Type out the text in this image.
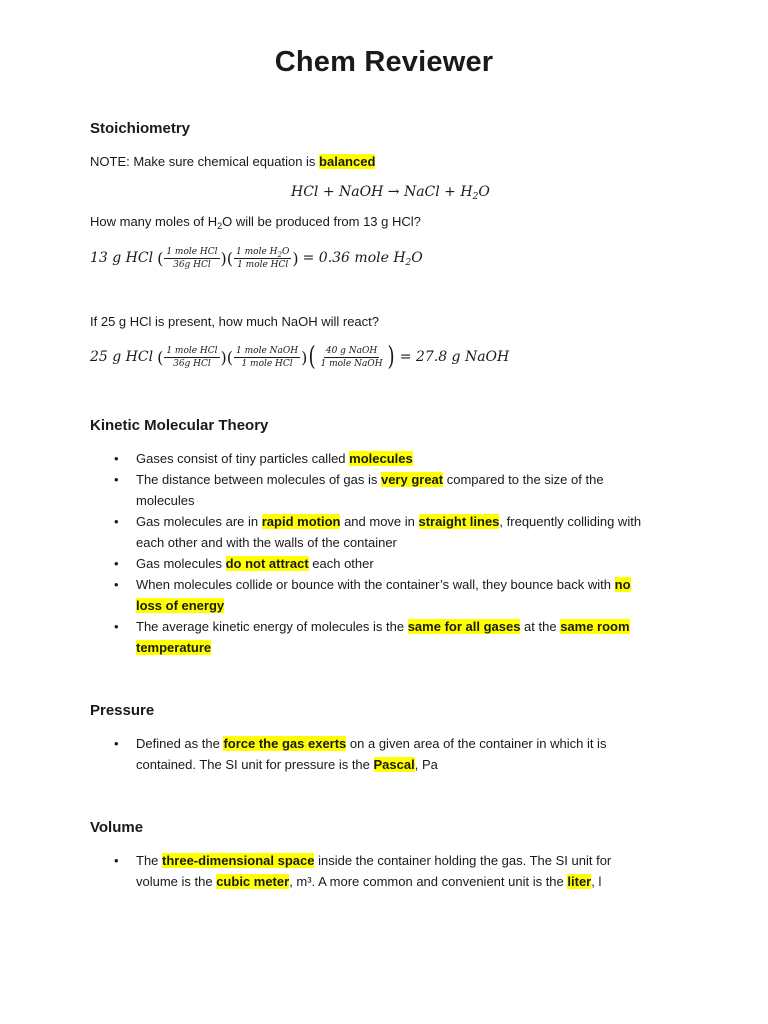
Chem Reviewer
Stoichiometry
NOTE: Make sure chemical equation is balanced
HCl + NaOH → NaCl + $H_2O$
How many moles of $H_2O$ will be produced from 13 g HCl?
13 g HCl ( $\frac{\text{1 mole HCl}}{\text{36g HCl}}$ )( $\frac{1 mole H_2O}{\text{1 mole HCl}}$ ) = 0.36 mole $H_2O$
If 25 g HCl is present, how much NaOH will react?
25 g HCl ( $\frac{\text{1 mole HCl}}{\text{36g HCl}}$ )( $\frac{\text{1 mole NaOH}}{\text{1 mole HCl}}$ ) ( $\frac{\text{40 g NaOH}}{\text{1 mole NaOH}}$ ) = 27.8 g NaOH
Kinetic Molecular Theory
• Gases consist of tiny particles called molecules
• The distance between molecules of gas is very great compared to the size of the
molecules
• Gas molecules are in rapid motion and move in straight lines, frequently colliding with
each other and with the walls of the container
• Gas molecules do not attract each other
• When molecules collide or bounce with the container’s wall, they bounce back with no
loss of energy
• The average kinetic energy of molecules is the same for all gases at the same room
temperature
Pressure
• Defined as the force the gas exerts on a given area of the container in which it is
contained. The SI unit for pressure is the Pascal, Pa
Volume
• The three-dimensional space inside the container holding the gas. The SI unit for
volume is the cubic meter, m³. A more common and convenient unit is the liter, l
